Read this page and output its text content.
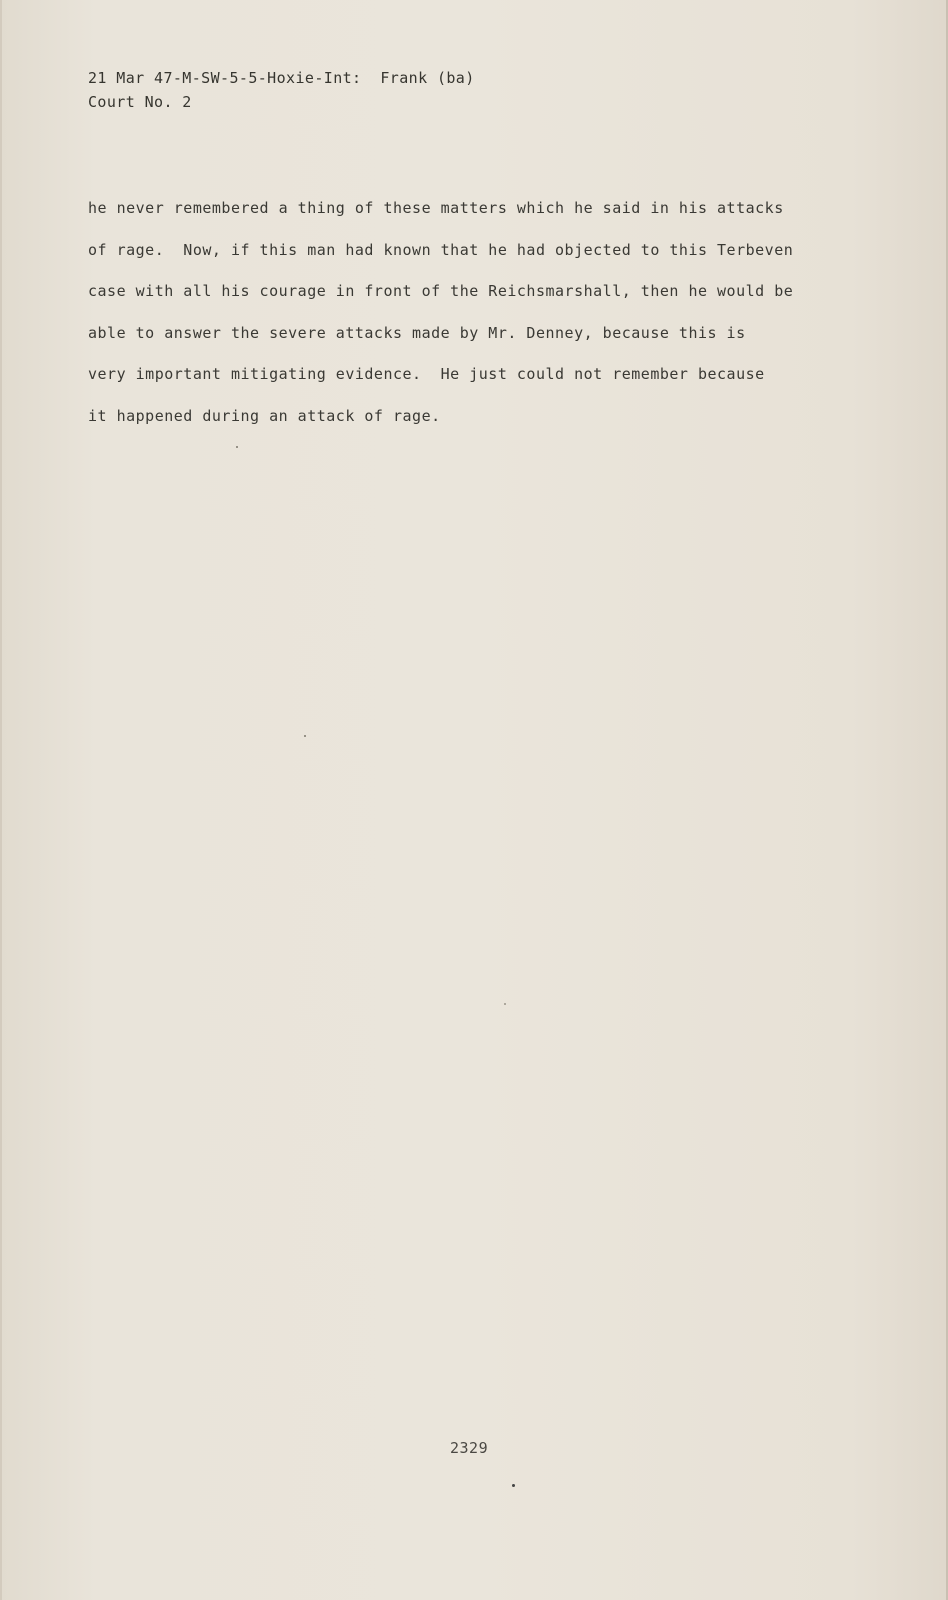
21 Mar 47-M-SW-5-5-Hoxie-Int:  Frank (ba)
Court No. 2
he never remembered a thing of these matters which he said in his attacks
of rage.  Now, if this man had known that he had objected to this Terbeven
case with all his courage in front of the Reichsmarshall, then he would be
able to answer the severe attacks made by Mr. Denney, because this is
very important mitigating evidence.  He just could not remember because
it happened during an attack of rage.
2329
